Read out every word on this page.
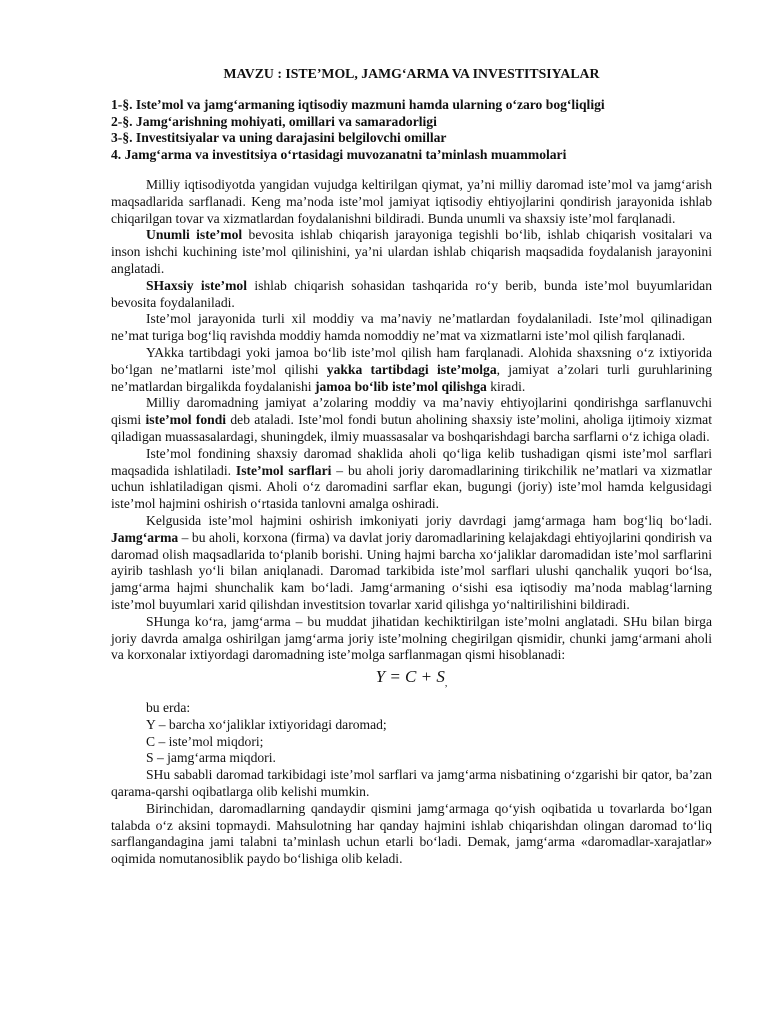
MAVZU : ISTE’MOL, JAMG‘ARMA VA INVESTITSIYALAR
1-§. Iste’mol va jamg‘armaning iqtisodiy mazmuni hamda ularning o‘zaro bog‘liqligi
2-§. Jamg‘arishning mohiyati, omillari va samaradorligi
3-§. Investitsiyalar va uning darajasini belgilovchi omillar
4. Jamg‘arma va investitsiya o‘rtasidagi muvozanatni ta’minlash muammolari

Milliy iqtisodiyotda yangidan vujudga keltirilgan qiymat, ya’ni milliy daromad iste’mol va jamg‘arish maqsadlarida sarflanadi. Keng ma’noda iste’mol jamiyat iqtisodiy ehtiyojlarini qondirish jarayonida ishlab chiqarilgan tovar va xizmatlardan foydalanishni bildiradi. Bunda unumli va shaxsiy iste’mol farqlanadi.

Unumli iste’mol bevosita ishlab chiqarish jarayoniga tegishli bo‘lib, ishlab chiqarish vositalari va inson ishchi kuchining iste’mol qilinishini, ya’ni ulardan ishlab chiqarish maqsadida foydalanish jarayonini anglatadi.

SHaxsiy iste’mol ishlab chiqarish sohasidan tashqarida ro‘y berib, bunda iste’mol buyumlaridan bevosita foydalaniladi.

Iste’mol jarayonida turli xil moddiy va ma’naviy ne’matlardan foydalaniladi. Iste’mol qilinadigan ne’mat turiga bog‘liq ravishda moddiy hamda nomoddiy ne’mat va xizmatlarni iste’mol qilish farqlanadi.

YAkka tartibdagi yoki jamoa bo‘lib iste’mol qilish ham farqlanadi. Alohida shaxsning o‘z ixtiyorida bo‘lgan ne’matlarni iste’mol qilishi yakka tartibdagi iste’molga, jamiyat a’zolari turli guruhlarining ne’matlardan birgalikda foydalanishi jamoa bo‘lib iste’mol qilishga kiradi.

Milliy daromadning jamiyat a’zolaring moddiy va ma’naviy ehtiyojlarini qondirishga sarflanuvchi qismi iste’mol fondi deb ataladi. Iste’mol fondi butun aholining shaxsiy iste’molini, aholiga ijtimoiy xizmat qiladigan muassasalardagi, shuningdek, ilmiy muassasalar va boshqarishdagi barcha sarflarni o‘z ichiga oladi.

Iste’mol fondining shaxsiy daromad shaklida aholi qo‘liga kelib tushadigan qismi iste’mol sarflari maqsadida ishlatiladi. Iste’mol sarflari – bu aholi joriy daromadlarining tirikchilik ne’matlari va xizmatlar uchun ishlatiladigan qismi. Aholi o‘z daromadini sarflar ekan, bugungi (joriy) iste’mol hamda kelgusidagi iste’mol hajmini oshirish o‘rtasida tanlovni amalga oshiradi.

Kelgusida iste’mol hajmini oshirish imkoniyati joriy davrdagi jamg‘armaga ham bog‘liq bo‘ladi. Jamg‘arma – bu aholi, korxona (firma) va davlat joriy daromadlarining kelajakdagi ehtiyojlarini qondirish va daromad olish maqsadlarida to‘planib borishi. Uning hajmi barcha xo‘jaliklar daromadidan iste’mol sarflarini ayirib tashlash yo‘li bilan aniqlanadi. Daromad tarkibida iste’mol sarflari ulushi qanchalik yuqori bo‘lsa, jamg‘arma hajmi shunchalik kam bo‘ladi. Jamg‘armaning o‘sishi esa iqtisodiy ma’noda mablag‘larning iste’mol buyumlari xarid qilishdan investitsion tovarlar xarid qilishga yo‘naltirilishini bildiradi.

SHunga ko‘ra, jamg‘arma – bu muddat jihatidan kechiktirilgan iste’molni anglatadi. SHu bilan birga joriy davrda amalga oshirilgan jamg‘arma joriy iste’molning chegirilgan qismidir, chunki jamg‘armani aholi va korxonalar ixtiyordagi daromadning iste’molga sarflanmagan qismi hisoblanadi:

$Y = C + S_,$
bu erda:
Y – barcha xo‘jaliklar ixtiyoridagi daromad;
C – iste’mol miqdori;
S – jamg‘arma miqdori.

SHu sababli daromad tarkibidagi iste’mol sarflari va jamg‘arma nisbatining o‘zgarishi bir qator, ba’zan qarama-qarshi oqibatlarga olib kelishi mumkin.

Birinchidan, daromadlarning qandaydir qismini jamg‘armaga qo‘yish oqibatida u tovarlarda bo‘lgan talabda o‘z aksini topmaydi. Mahsulotning har qanday hajmini ishlab chiqarishdan olingan daromad to‘liq sarflangandagina jami talabni ta’minlash uchun etarli bo‘ladi. Demak, jamg‘arma «daromadlar-xarajatlar» oqimida nomutanosiblik paydo bo‘lishiga olib keladi.
